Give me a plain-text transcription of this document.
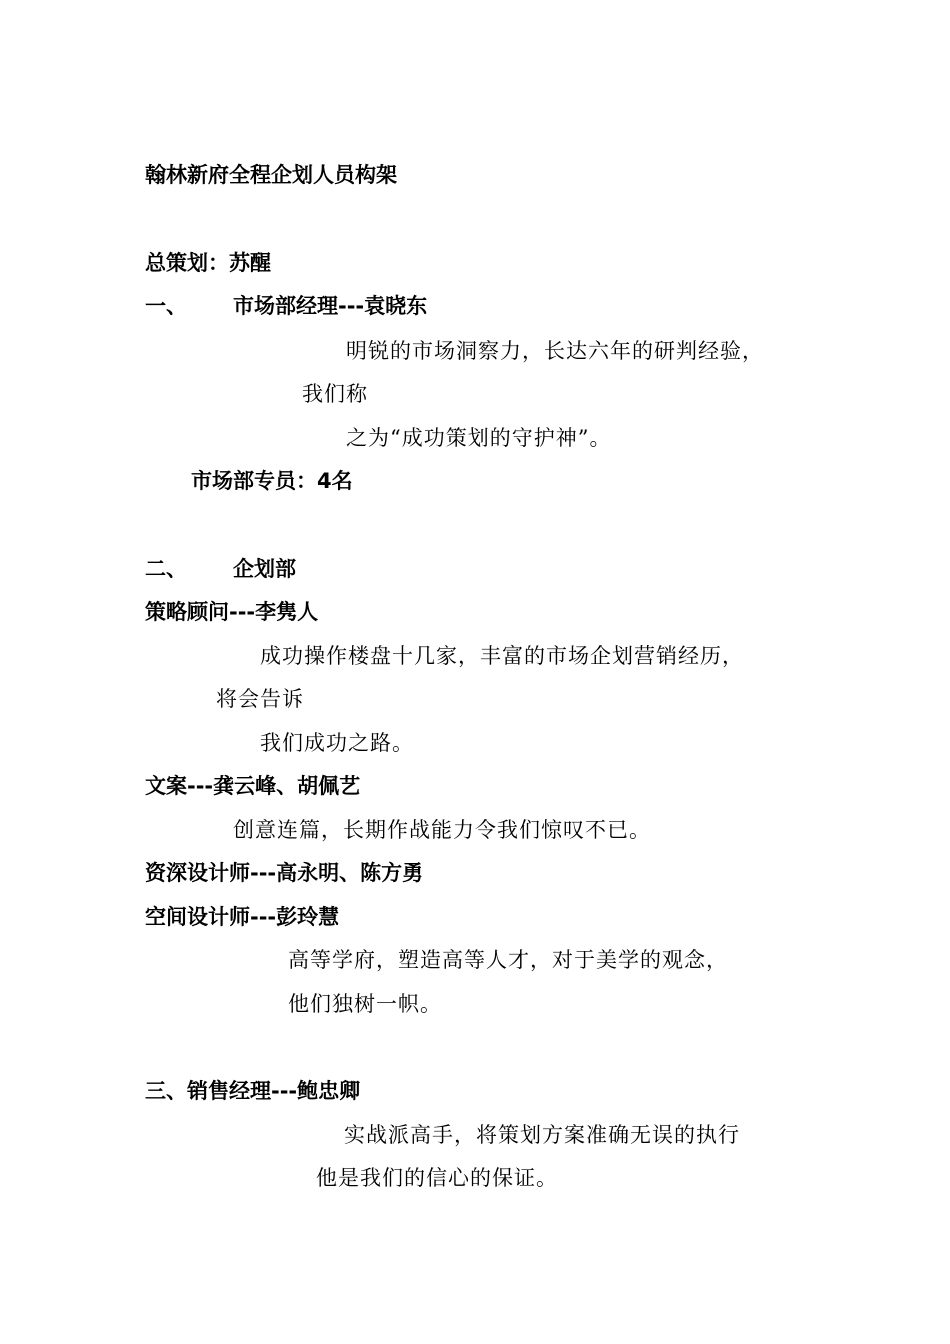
翰林新府全程企划人员构架
总策划：苏醒
一、 市场部经理---袁晓东
明锐的市场洞察力，长达六年的研判经验，
我们称
之为“成功策划的守护神”。
市场部专员：4名
二、 企划部
策略顾问---李隽人
成功操作楼盘十几家，丰富的市场企划营销经历，
将会告诉
我们成功之路。
文案---龚云峰、胡佩艺
创意连篇，长期作战能力令我们惊叹不已。
资深设计师---高永明、陈方勇
空间设计师---彭玲慧
高等学府，塑造高等人才，对于美学的观念，
他们独树一帜。
三、销售经理---鲍忠卿
实战派高手，将策划方案准确无误的执行
他是我们的信心的保证。
